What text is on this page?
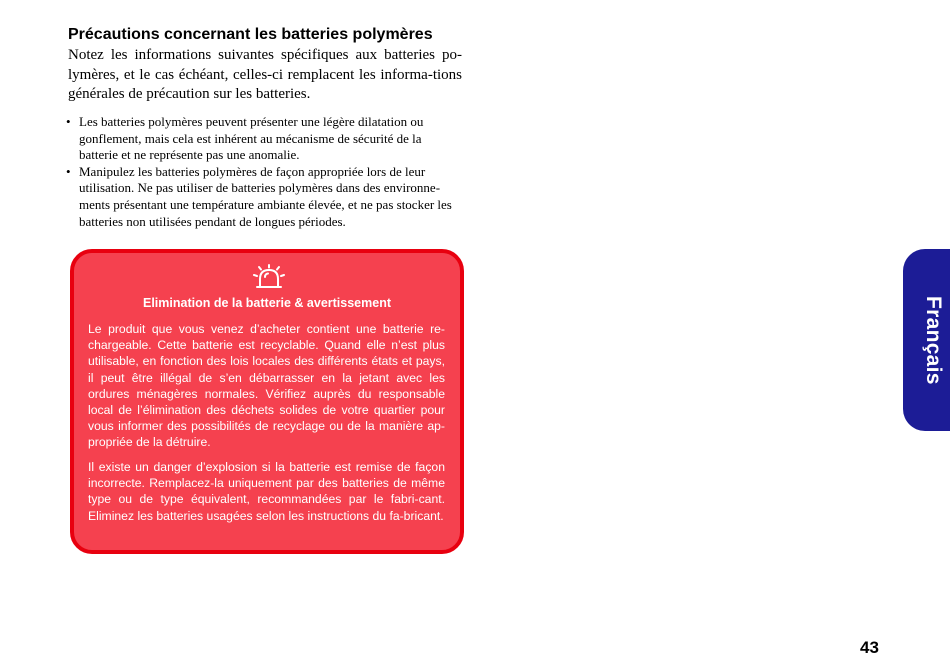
Précautions concernant les batteries polymères

Notez les informations suivantes spécifiques aux batteries po-lymères, et le cas échéant, celles-ci remplacent les informa-tions générales de précaution sur les batteries.

• Les batteries polymères peuvent présenter une légère dilatation ou gonflement, mais cela est inhérent au mécanisme de sécurité de la batterie et ne représente pas une anomalie.
• Manipulez les batteries polymères de façon appropriée lors de leur utilisation. Ne pas utiliser de batteries polymères dans des environne-ments présentant une température ambiante élevée, et ne pas stocker les batteries non utilisées pendant de longues périodes.

Elimination de la batterie & avertissement

Le produit que vous venez d’acheter contient une batterie re-chargeable. Cette batterie est recyclable. Quand elle n’est plus utilisable, en fonction des lois locales des différents états et pays, il peut être illégal de s’en débarrasser en la jetant avec les ordures ménagères normales. Vérifiez auprès du responsable local de l’élimination des déchets solides de votre quartier pour vous informer des possibilités de recyclage ou de la manière ap-propriée de la détruire.

Il existe un danger d’explosion si la batterie est remise de façon incorrecte. Remplacez-la uniquement par des batteries de même type ou de type équivalent, recommandées par le fabri-cant. Eliminez les batteries usagées selon les instructions du fa-bricant.

Français

43
